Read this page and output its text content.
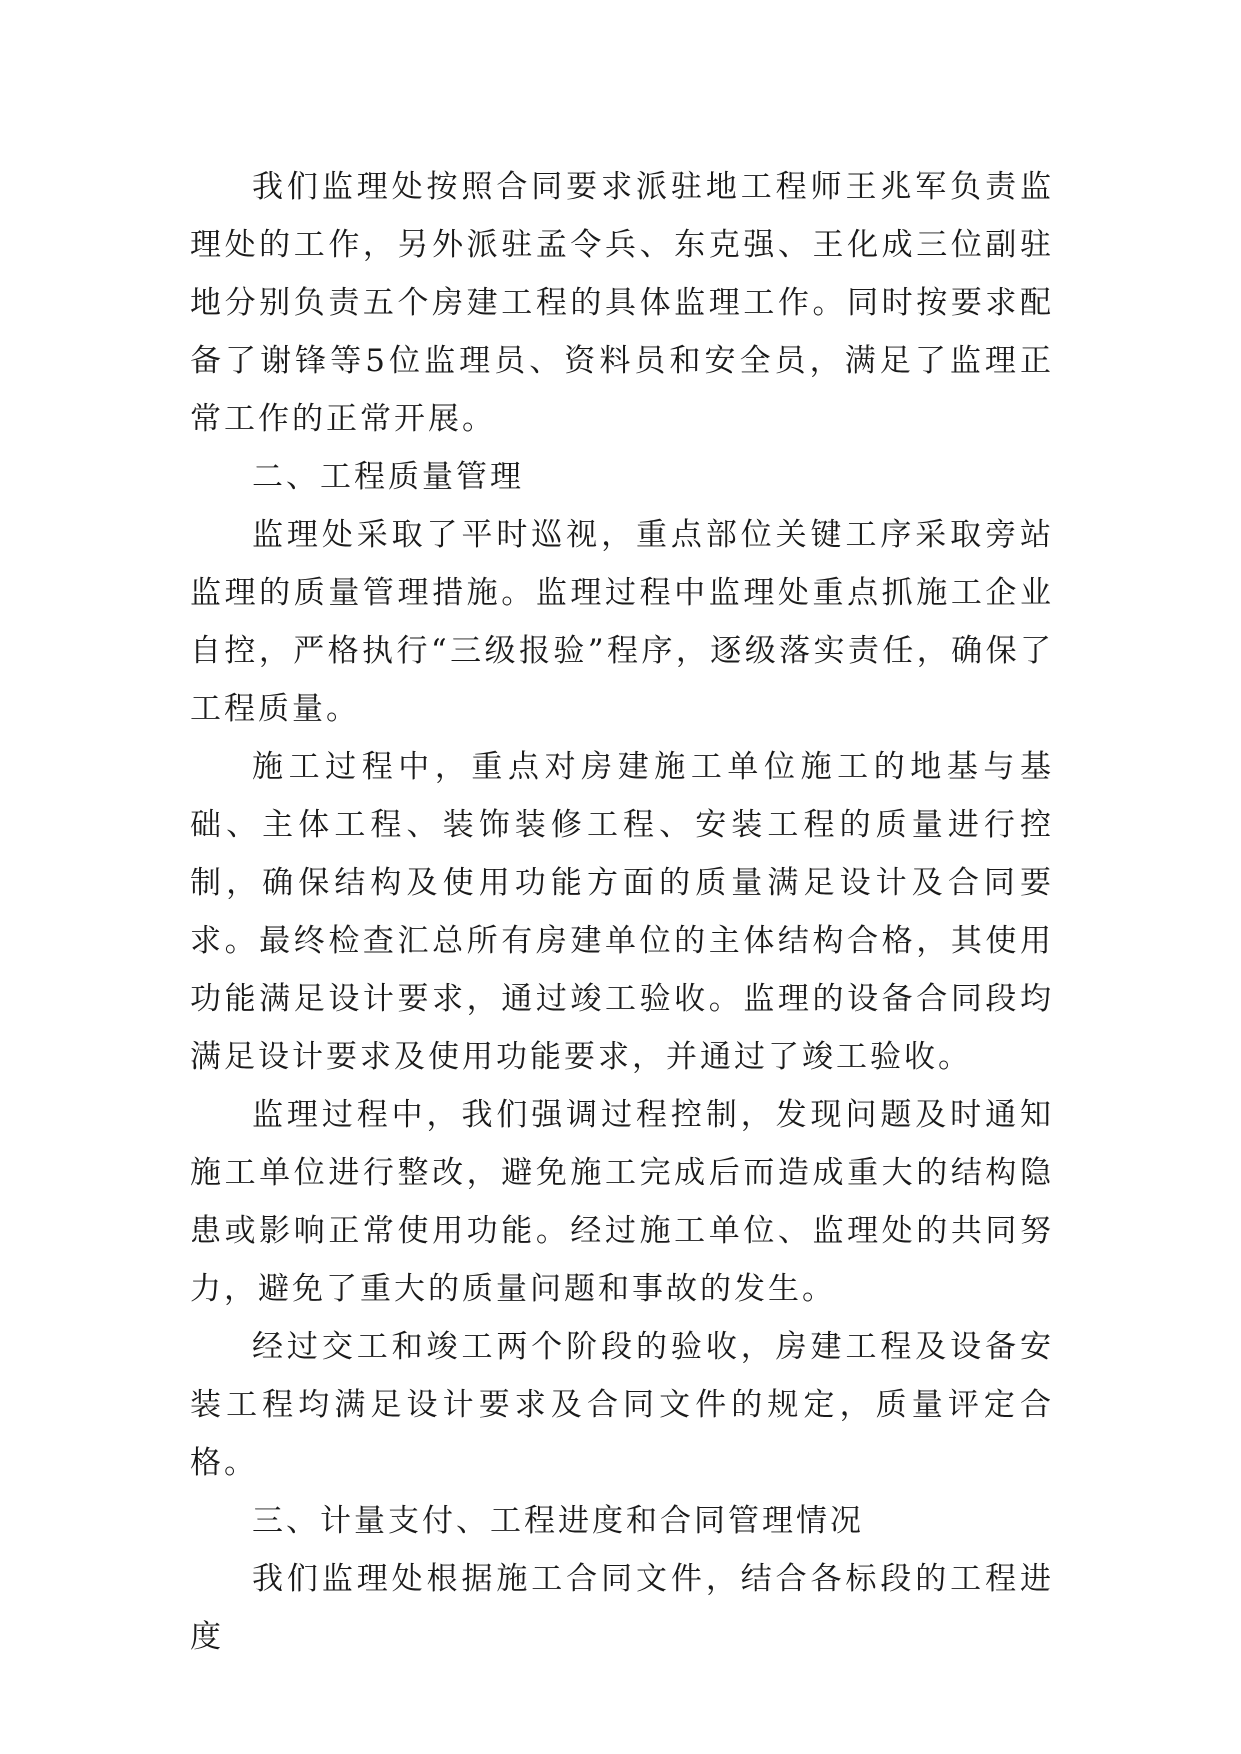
我们监理处按照合同要求派驻地工程师王兆军负责监理处的工作，另外派驻孟令兵、东克强、王化成三位副驻地分别负责五个房建工程的具体监理工作。同时按要求配备了谢锋等5位监理员、资料员和安全员，满足了监理正常工作的正常开展。

二、工程质量管理

监理处采取了平时巡视，重点部位关键工序采取旁站监理的质量管理措施。监理过程中监理处重点抓施工企业自控，严格执行“三级报验”程序，逐级落实责任，确保了工程质量。

施工过程中，重点对房建施工单位施工的地基与基础、主体工程、装饰装修工程、安装工程的质量进行控制，确保结构及使用功能方面的质量满足设计及合同要求。最终检查汇总所有房建单位的主体结构合格，其使用功能满足设计要求，通过竣工验收。监理的设备合同段均满足设计要求及使用功能要求，并通过了竣工验收。

监理过程中，我们强调过程控制，发现问题及时通知施工单位进行整改，避免施工完成后而造成重大的结构隐患或影响正常使用功能。经过施工单位、监理处的共同努力，避免了重大的质量问题和事故的发生。

经过交工和竣工两个阶段的验收，房建工程及设备安装工程均满足设计要求及合同文件的规定，质量评定合格。

三、计量支付、工程进度和合同管理情况

我们监理处根据施工合同文件，结合各标段的工程进度
